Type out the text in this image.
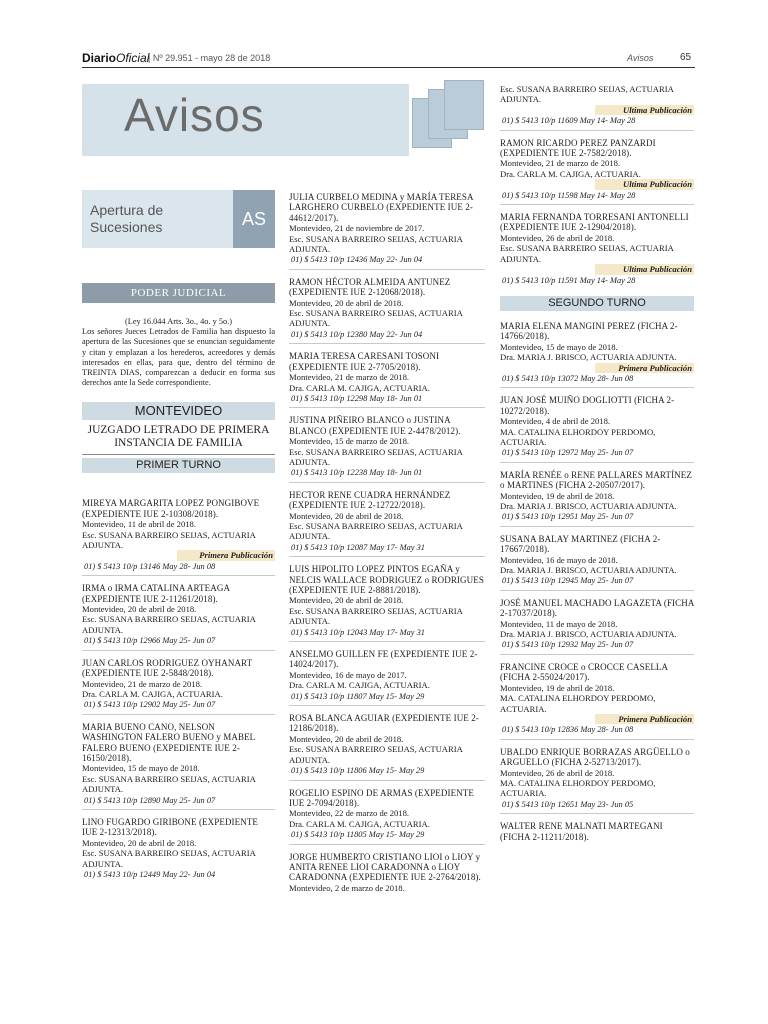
DiarioOficial
| Nº 29.951 - mayo 28 de 2018	Avisos	65
Avisos
Apertura de Sucesiones	AS
PODER JUDICIAL
(Ley 16.044 Arts. 3o., 4o. y 5o.)
Los señores Jueces Letrados de Familia han dispuesto la apertura de las Sucesiones que se enuncian seguidamente y citan y emplazan a los herederos, acreedores y demás interesados en ellas, para que, dentro del término de TREINTA DIAS, comparezcan a deducir en forma sus derechos ante la Sede correspondiente.
MONTEVIDEO
JUZGADO LETRADO DE PRIMERA INSTANCIA DE FAMILIA
PRIMER TURNO
MIREYA MARGARITA LOPEZ PONGIBOVE (EXPEDIENTE IUE 2-10308/2018).
Montevideo, 11 de abril de 2018.
Esc. SUSANA BARREIRO SEIJAS, ACTUARIA ADJUNTA.
Primera Publicación
01) $ 5413 10/p 13146 May 28- Jun 08
IRMA o IRMA CATALINA ARTEAGA (EXPEDIENTE IUE 2-11261/2018).
Montevideo, 20 de abril de 2018.
Esc. SUSANA BARREIRO SEIJAS, ACTUARIA ADJUNTA.
01) $ 5413 10/p 12966 May 25- Jun 07
JUAN CARLOS RODRIGUEZ OYHANART (EXPEDIENTE IUE 2-5848/2018).
Montevideo, 21 de marzo de 2018.
Dra. CARLA M. CAJIGA, ACTUARIA.
01) $ 5413 10/p 12902 May 25- Jun 07
MARIA BUENO CANO, NELSON WASHINGTON FALERO BUENO y MABEL FALERO BUENO (EXPEDIENTE IUE 2-16150/2018).
Montevideo, 15 de mayo de 2018.
Esc. SUSANA BARREIRO SEIJAS, ACTUARIA ADJUNTA.
01) $ 5413 10/p 12890 May 25- Jun 07
LINO FUGARDO GIRIBONE (EXPEDIENTE IUE 2-12313/2018).
Montevideo, 20 de abril de 2018.
Esc. SUSANA BARREIRO SEIJAS, ACTUARIA ADJUNTA.
01) $ 5413 10/p 12449 May 22- Jun 04
JULIA CURBELO MEDINA y MARÍA TERESA LARGHERO CURBELO (EXPEDIENTE IUE 2-44612/2017).
Montevideo, 21 de noviembre de 2017.
Esc. SUSANA BARREIRO SEIJAS, ACTUARIA ADJUNTA.
01) $ 5413 10/p 12436 May 22- Jun 04
RAMON HÉCTOR ALMEIDA ANTUNEZ (EXPEDIENTE IUE 2-12068/2018).
Montevideo, 20 de abril de 2018.
Esc. SUSANA BARREIRO SEIJAS, ACTUARIA ADJUNTA.
01) $ 5413 10/p 12380 May 22- Jun 04
MARIA TERESA CARESANI TOSONI (EXPEDIENTE IUE 2-7705/2018).
Montevideo, 21 de marzo de 2018.
Dra. CARLA M. CAJIGA, ACTUARIA.
01) $ 5413 10/p 12298 May 18- Jun 01
JUSTINA PIÑEIRO BLANCO o JUSTINA BLANCO (EXPEDIENTE IUE 2-4478/2012).
Montevideo, 15 de marzo de 2018.
Esc. SUSANA BARREIRO SEIJAS, ACTUARIA ADJUNTA.
01) $ 5413 10/p 12238 May 18- Jun 01
HECTOR RENE CUADRA HERNÁNDEZ (EXPEDIENTE IUE 2-12722/2018).
Montevideo, 20 de abril de 2018.
Esc. SUSANA BARREIRO SEIJAS, ACTUARIA ADJUNTA.
01) $ 5413 10/p 12087 May 17- May 31
LUIS HIPOLITO LOPEZ PINTOS EGAÑA y NELCIS WALLACE RODRIGUEZ o RODRIGUES (EXPEDIENTE IUE 2-8881/2018).
Montevideo, 20 de abril de 2018.
Esc. SUSANA BARREIRO SEIJAS, ACTUARIA ADJUNTA.
01) $ 5413 10/p 12043 May 17- May 31
ANSELMO GUILLEN FE (EXPEDIENTE IUE 2-14024/2017).
Montevideo, 16 de mayo de 2017.
Dra. CARLA M. CAJIGA, ACTUARIA.
01) $ 5413 10/p 11807 May 15- May 29
ROSA BLANCA AGUIAR (EXPEDIENTE IUE 2-12186/2018).
Montevideo, 20 de abril de 2018.
Esc. SUSANA BARREIRO SEIJAS, ACTUARIA ADJUNTA.
01) $ 5413 10/p 11806 May 15- May 29
ROGELIO ESPINO DE ARMAS (EXPEDIENTE IUE 2-7094/2018).
Montevideo, 22 de marzo de 2018.
Dra. CARLA M. CAJIGA, ACTUARIA.
01) $ 5413 10/p 11805 May 15- May 29
JORGE HUMBERTO CRISTIANO LIOI o LIOY y ANITA RENEE LIOI CARADONNA o LIOY CARADONNA (EXPEDIENTE IUE 2-2764/2018).
Montevideo, 2 de marzo de 2018.
Esc. SUSANA BARREIRO SEIJAS, ACTUARIA ADJUNTA.
Ultima Publicación
01) $ 5413 10/p 11609 May 14- May 28
RAMON RICARDO PEREZ PANZARDI (EXPEDIENTE IUE 2-7582/2018).
Montevideo, 21 de marzo de 2018.
Dra. CARLA M. CAJIGA, ACTUARIA.
Ultima Publicación
01) $ 5413 10/p 11598 May 14- May 28
MARIA FERNANDA TORRESANI ANTONELLI (EXPEDIENTE IUE 2-12904/2018).
Montevideo, 26 de abril de 2018.
Esc. SUSANA BARREIRO SEIJAS, ACTUARIA ADJUNTA.
Ultima Publicación
01) $ 5413 10/p 11591 May 14- May 28
SEGUNDO TURNO
MARIA ELENA MANGINI PEREZ (FICHA 2-14766/2018).
Montevideo, 15 de mayo de 2018.
Dra. MARIA J. BRISCO, ACTUARIA ADJUNTA.
Primera Publicación
01) $ 5413 10/p 13072 May 28- Jun 08
JUAN JOSÉ MUIÑO DOGLIOTTI (FICHA 2-10272/2018).
Montevideo, 4 de abril de 2018.
MA. CATALINA ELHORDOY PERDOMO, ACTUARIA.
01) $ 5413 10/p 12972 May 25- Jun 07
MARÍA RENÉE o RENE PALLARES MARTÍNEZ o MARTINES (FICHA 2-20507/2017).
Montevideo, 19 de abril de 2018.
Dra. MARIA J. BRISCO, ACTUARIA ADJUNTA.
01) $ 5413 10/p 12951 May 25- Jun 07
SUSANA BALAY MARTINEZ (FICHA 2-17667/2018).
Montevideo, 16 de mayo de 2018.
Dra. MARIA J. BRISCO, ACTUARIA ADJUNTA.
01) $ 5413 10/p 12945 May 25- Jun 07
JOSÉ MANUEL MACHADO LAGAZETA (FICHA 2-17037/2018).
Montevideo, 11 de mayo de 2018.
Dra. MARIA J. BRISCO, ACTUARIA ADJUNTA.
01) $ 5413 10/p 12932 May 25- Jun 07
FRANCINE CROCE o CROCCE CASELLA (FICHA 2-55024/2017).
Montevideo, 19 de abril de 2018.
MA. CATALINA ELHORDOY PERDOMO, ACTUARIA.
Primera Publicación
01) $ 5413 10/p 12836 May 28- Jun 08
UBALDO ENRIQUE BORRAZAS ARGÜELLO o ARGUELLO (FICHA 2-52713/2017).
Montevideo, 26 de abril de 2018.
MA. CATALINA ELHORDOY PERDOMO, ACTUARIA.
01) $ 5413 10/p 12651 May 23- Jun 05
WALTER RENE MALNATI MARTEGANI (FICHA 2-11211/2018).
